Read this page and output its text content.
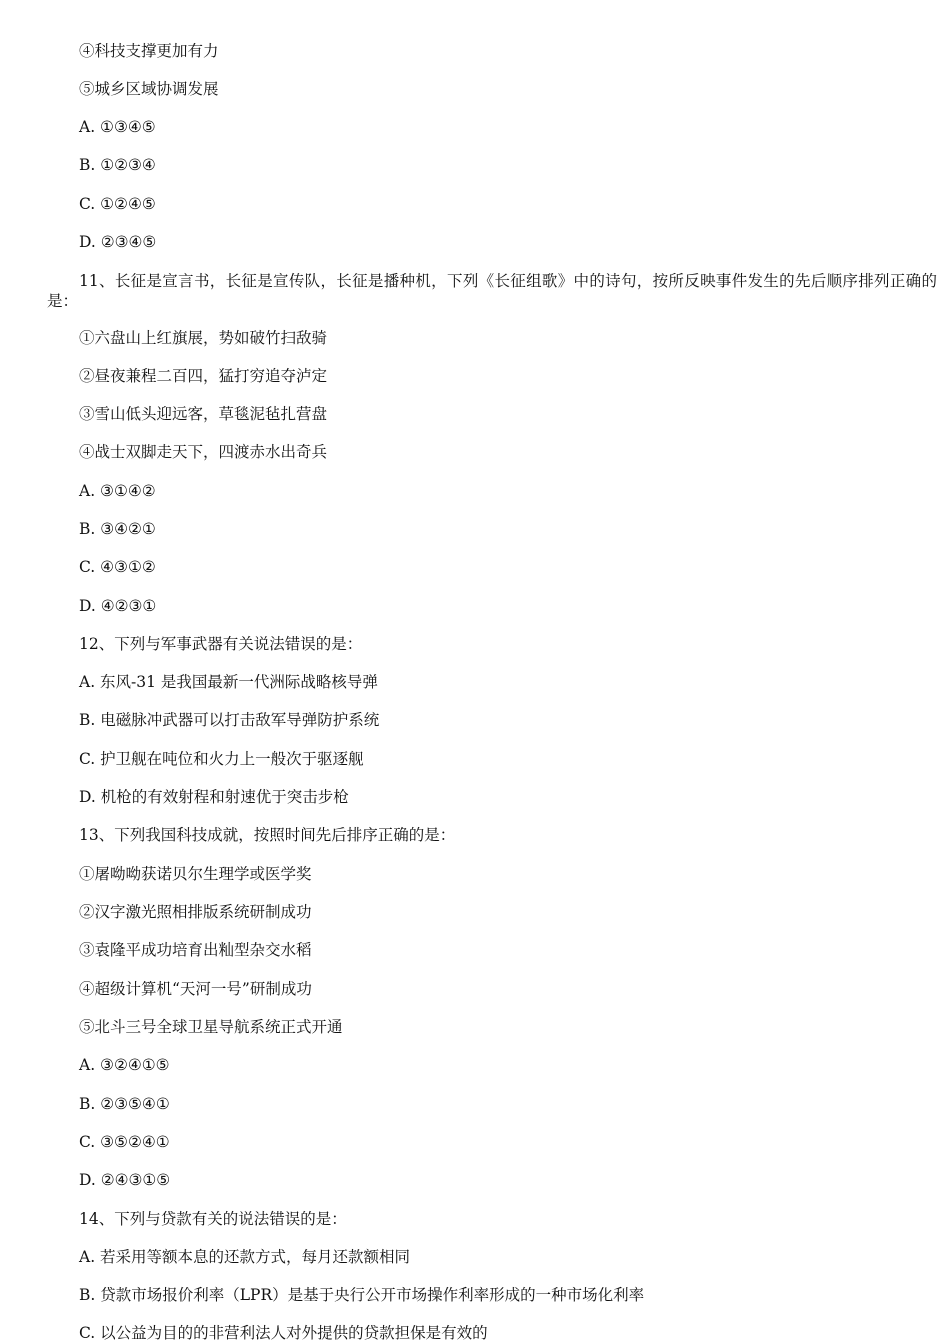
④科技支撑更加有力
⑤城乡区域协调发展
A. ①③④⑤
B. ①②③④
C. ①②④⑤
D. ②③④⑤
11、长征是宣言书，长征是宣传队，长征是播种机，下列《长征组歌》中的诗句，按所反映事件发生的先后顺序排列正确的是：
①六盘山上红旗展，势如破竹扫敌骑
②昼夜兼程二百四，猛打穷追夺泸定
③雪山低头迎远客，草毯泥毡扎营盘
④战士双脚走天下，四渡赤水出奇兵
A. ③①④②
B. ③④②①
C. ④③①②
D. ④②③①
12、下列与军事武器有关说法错误的是：
A. 东风-31 是我国最新一代洲际战略核导弹
B. 电磁脉冲武器可以打击敌军导弹防护系统
C. 护卫舰在吨位和火力上一般次于驱逐舰
D. 机枪的有效射程和射速优于突击步枪
13、下列我国科技成就，按照时间先后排序正确的是：
①屠呦呦获诺贝尔生理学或医学奖
②汉字激光照相排版系统研制成功
③袁隆平成功培育出籼型杂交水稻
④超级计算机“天河一号”研制成功
⑤北斗三号全球卫星导航系统正式开通
A. ③②④①⑤
B. ②③⑤④①
C. ③⑤②④①
D. ②④③①⑤
14、下列与贷款有关的说法错误的是：
A. 若采用等额本息的还款方式，每月还款额相同
B. 贷款市场报价利率（LPR）是基于央行公开市场操作利率形成的一种市场化利率
C. 以公益为目的的非营利法人对外提供的贷款担保是有效的
